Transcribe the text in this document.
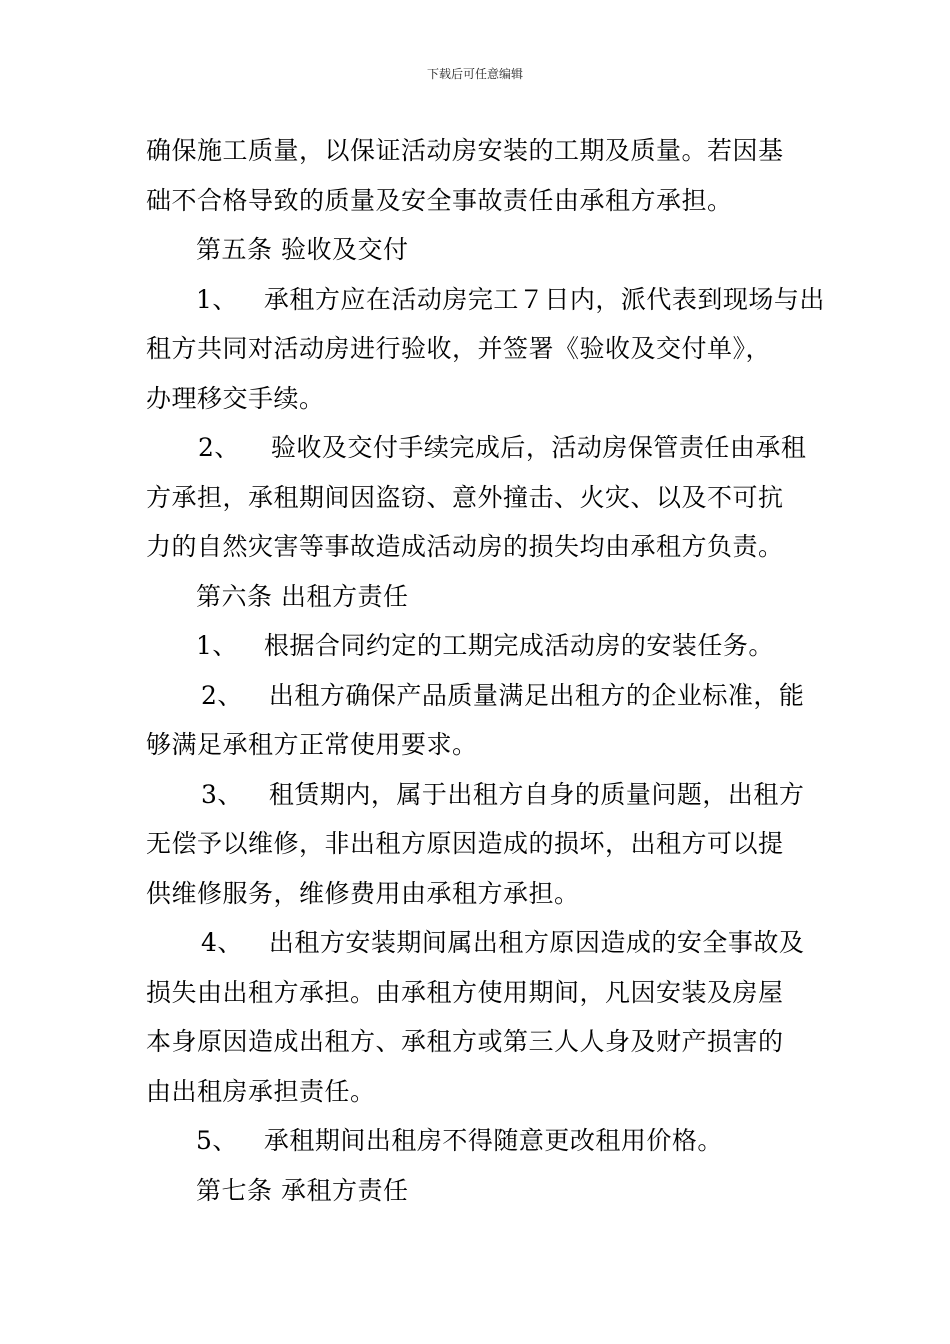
下载后可任意编辑
确保施工质量，以保证活动房安装的工期及质量。若因基
础不合格导致的质量及安全事故责任由承租方承担。
第五条 验收及交付
1、 承租方应在活动房完工７日内，派代表到现场与出
租方共同对活动房进行验收，并签署《验收及交付单》，
办理移交手续。
2、 验收及交付手续完成后，活动房保管责任由承租
方承担，承租期间因盗窃、意外撞击、火灾、以及不可抗
力的自然灾害等事故造成活动房的损失均由承租方负责。
第六条 出租方责任
1、 根据合同约定的工期完成活动房的安装任务。
2、 出租方确保产品质量满足出租方的企业标准，能
够满足承租方正常使用要求。
3、 租赁期内，属于出租方自身的质量问题，出租方
无偿予以维修，非出租方原因造成的损坏，出租方可以提
供维修服务，维修费用由承租方承担。
4、 出租方安装期间属出租方原因造成的安全事故及
损失由出租方承担。由承租方使用期间，凡因安装及房屋
本身原因造成出租方、承租方或第三人人身及财产损害的
由出租房承担责任。
5、 承租期间出租房不得随意更改租用价格。
第七条 承租方责任
